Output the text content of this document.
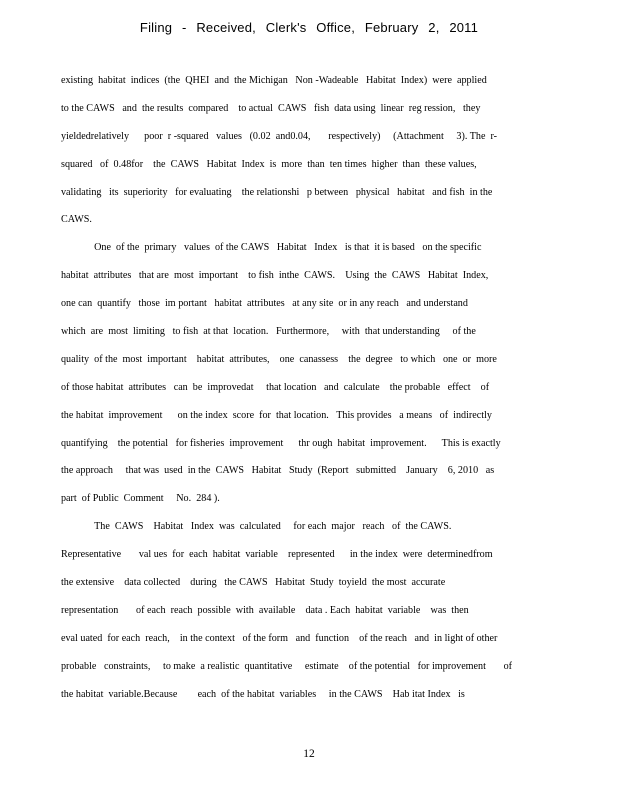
Filing - Received, Clerk's Office, February 2, 2011
existing  habitat  indices  (the  QHEI  and  the Michigan   Non -Wadeable   Habitat  Index)  were  applied
to the CAWS   and  the results  compared    to actual  CAWS   fish  data using  linear  reg ression,   they
yieldedrelatively      poor  r -squared   values   (0.02  and0.04,       respectively)     (Attachment     3). The  r-
squared   of  0.48for    the  CAWS   Habitat  Index  is  more  than  ten times  higher  than  these values,
validating   its  superiority   for evaluating    the relationshi   p between   physical   habitat   and fish  in the
CAWS.
One  of the  primary   values  of the CAWS   Habitat   Index   is that  it is based   on the specific
habitat  attributes   that are  most  important    to fish  inthe  CAWS.    Using  the  CAWS   Habitat  Index,
one can  quantify   those  im portant   habitat  attributes   at any site  or in any reach   and understand
which  are  most  limiting   to fish  at that  location.   Furthermore,     with  that understanding     of the
quality  of the  most  important    habitat  attributes,    one  canassess    the  degree   to which   one  or  more
of those habitat  attributes   can  be  improvedat     that location   and  calculate    the probable   effect    of
the habitat  improvement      on the index  score  for  that location.   This provides   a means   of  indirectly
quantifying    the potential   for fisheries  improvement      thr ough  habitat  improvement.      This is exactly
the approach     that was  used  in the  CAWS   Habitat   Study  (Report   submitted    January    6, 2010   as
part  of Public  Comment     No.  284 ).
The  CAWS    Habitat   Index  was  calculated     for each  major   reach   of  the CAWS.
Representative       val ues  for  each  habitat  variable    represented      in the index  were  determinedfrom
the extensive    data collected    during   the CAWS   Habitat  Study  toyield  the most  accurate
representation       of each  reach  possible  with  available    data . Each  habitat  variable    was  then
eval uated  for each  reach,    in the context   of the form   and  function    of the reach   and  in light of other
probable   constraints,     to make  a realistic  quantitative     estimate    of the potential   for improvement       of
the habitat  variable.Because        each  of the habitat  variables     in the CAWS    Hab itat Index   is
12
